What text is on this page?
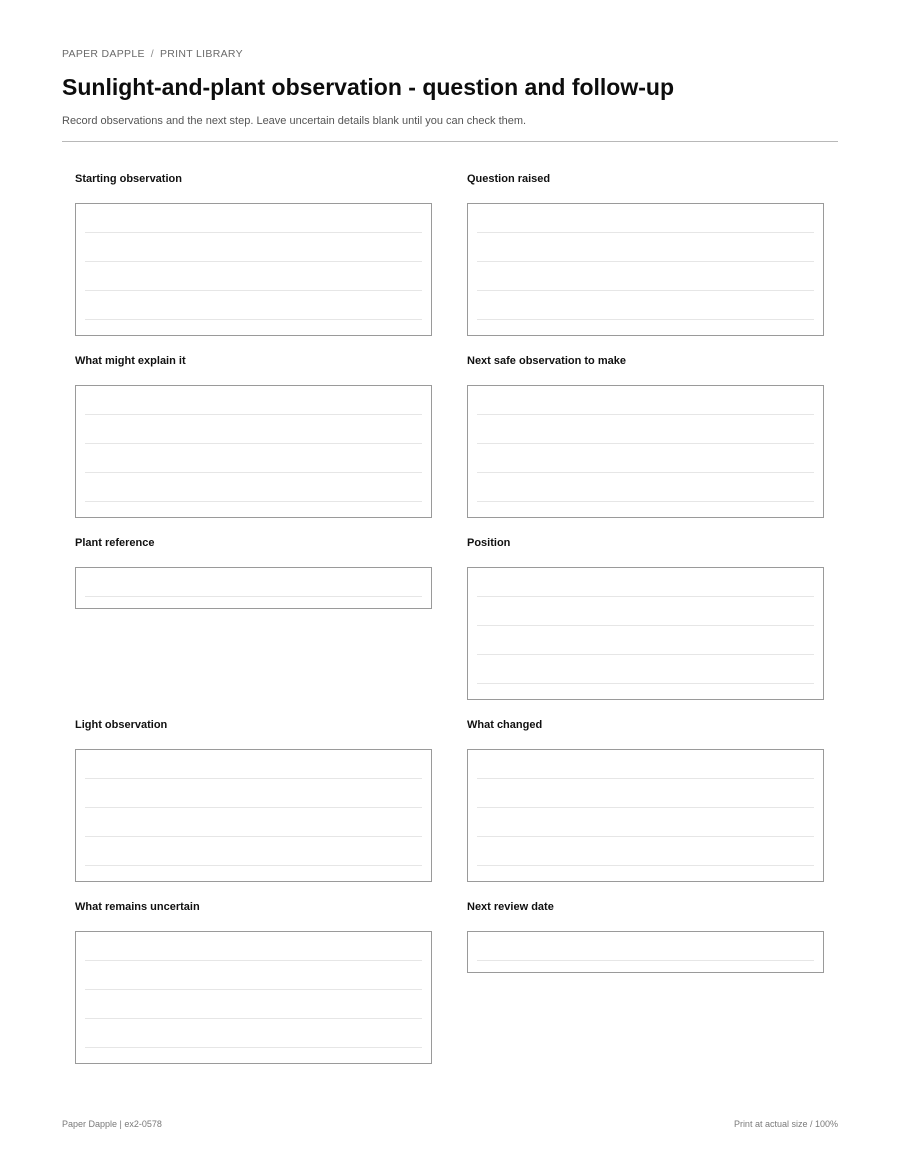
PAPER DAPPLE / PRINT LIBRARY
Sunlight-and-plant observation - question and follow-up
Record observations and the next step. Leave uncertain details blank until you can check them.
Starting observation	Question raised
What might explain it	Next safe observation to make
Plant reference	Position
Light observation	What changed
What remains uncertain	Next review date
Paper Dapple | ex2-0578	Print at actual size / 100%
